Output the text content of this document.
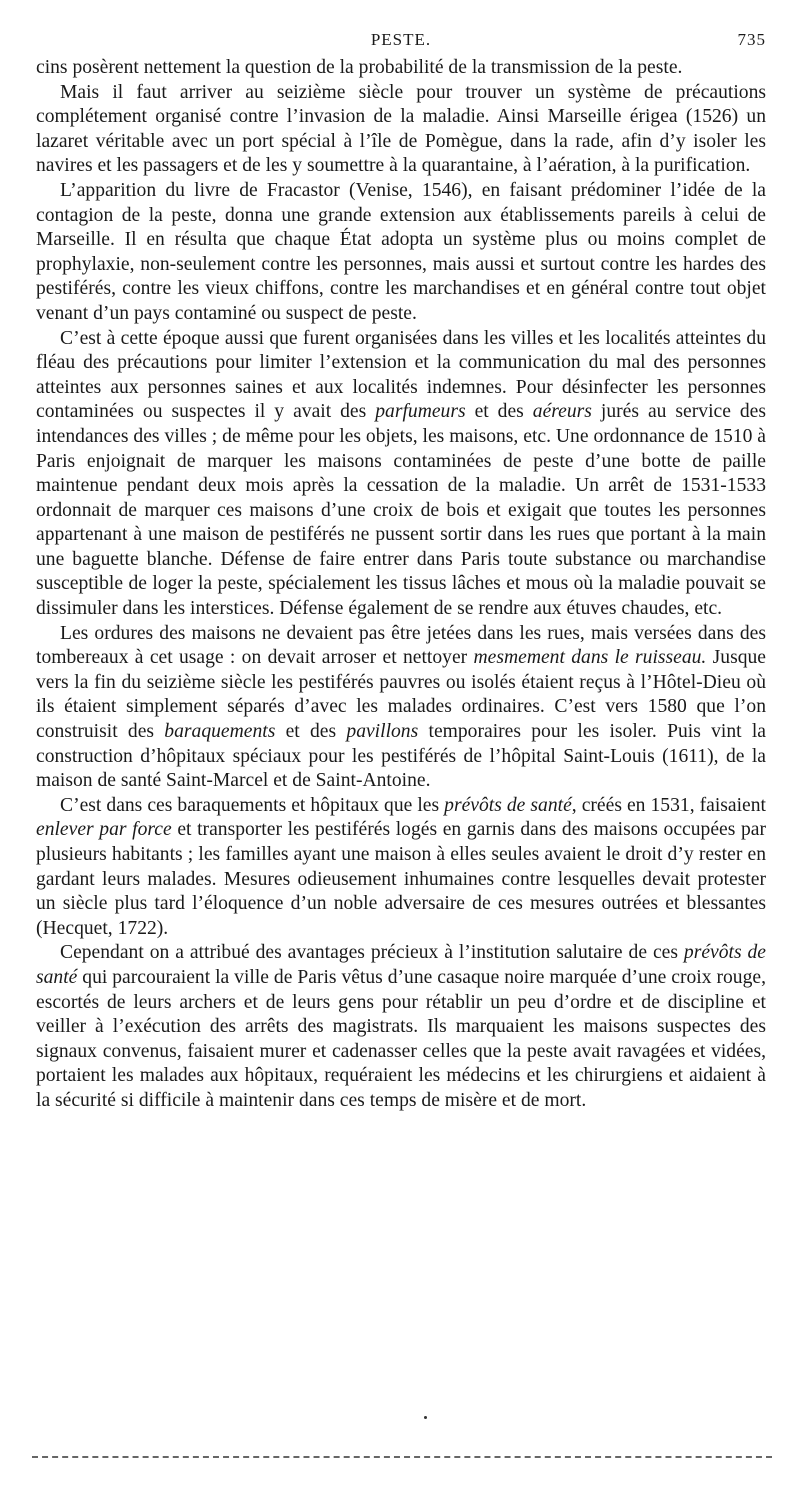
PESTE.	735

cins posèrent nettement la question de la probabilité de la transmission de la peste.

Mais il faut arriver au seizième siècle pour trouver un système de précautions complétement organisé contre l’invasion de la maladie. Ainsi Marseille érigea (1526) un lazaret véritable avec un port spécial à l’île de Pomègue, dans la rade, afin d’y isoler les navires et les passagers et de les y soumettre à la quarantaine, à l’aération, à la purification.

L’apparition du livre de Fracastor (Venise, 1546), en faisant prédominer l’idée de la contagion de la peste, donna une grande extension aux établissements pareils à celui de Marseille. Il en résulta que chaque État adopta un système plus ou moins complet de prophylaxie, non-seulement contre les personnes, mais aussi et surtout contre les hardes des pestiférés, contre les vieux chiffons, contre les marchandises et en général contre tout objet venant d’un pays contaminé ou suspect de peste.

C’est à cette époque aussi que furent organisées dans les villes et les localités atteintes du fléau des précautions pour limiter l’extension et la communication du mal des personnes atteintes aux personnes saines et aux localités indemnes. Pour désinfecter les personnes contaminées ou suspectes il y avait des parfumeurs et des aéreurs jurés au service des intendances des villes ; de même pour les objets, les maisons, etc. Une ordonnance de 1510 à Paris enjoignait de marquer les maisons contaminées de peste d’une botte de paille maintenue pendant deux mois après la cessation de la maladie. Un arrêt de 1531-1533 ordonnait de marquer ces maisons d’une croix de bois et exigait que toutes les personnes appartenant à une maison de pestiférés ne pussent sortir dans les rues que portant à la main une baguette blanche. Défense de faire entrer dans Paris toute substance ou marchandise susceptible de loger la peste, spécialement les tissus lâches et mous où la maladie pouvait se dissimuler dans les interstices. Défense également de se rendre aux étuves chaudes, etc.

Les ordures des maisons ne devaient pas être jetées dans les rues, mais versées dans des tombereaux à cet usage : on devait arroser et nettoyer mesmement dans le ruisseau. Jusque vers la fin du seizième siècle les pestiférés pauvres ou isolés étaient reçus à l’Hôtel-Dieu où ils étaient simplement séparés d’avec les malades ordinaires. C’est vers 1580 que l’on construisit des baraquements et des pavillons temporaires pour les isoler. Puis vint la construction d’hôpitaux spéciaux pour les pestiférés de l’hôpital Saint-Louis (1611), de la maison de santé Saint-Marcel et de Saint-Antoine.

C’est dans ces baraquements et hôpitaux que les prévôts de santé, créés en 1531, faisaient enlever par force et transporter les pestiférés logés en garnis dans des maisons occupées par plusieurs habitants ; les familles ayant une maison à elles seules avaient le droit d’y rester en gardant leurs malades. Mesures odieusement inhumaines contre lesquelles devait protester un siècle plus tard l’éloquence d’un noble adversaire de ces mesures outrées et blessantes (Hecquet, 1722).

Cependant on a attribué des avantages précieux à l’institution salutaire de ces prévôts de santé qui parcouraient la ville de Paris vêtus d’une casaque noire marquée d’une croix rouge, escortés de leurs archers et de leurs gens pour rétablir un peu d’ordre et de discipline et veiller à l’exécution des arrêts des magistrats. Ils marquaient les maisons suspectes des signaux convenus, faisaient murer et cadenasser celles que la peste avait ravagées et vidées, portaient les malades aux hôpitaux, requéraient les médecins et les chirurgiens et aidaient à la sécurité si difficile à maintenir dans ces temps de misère et de mort.
